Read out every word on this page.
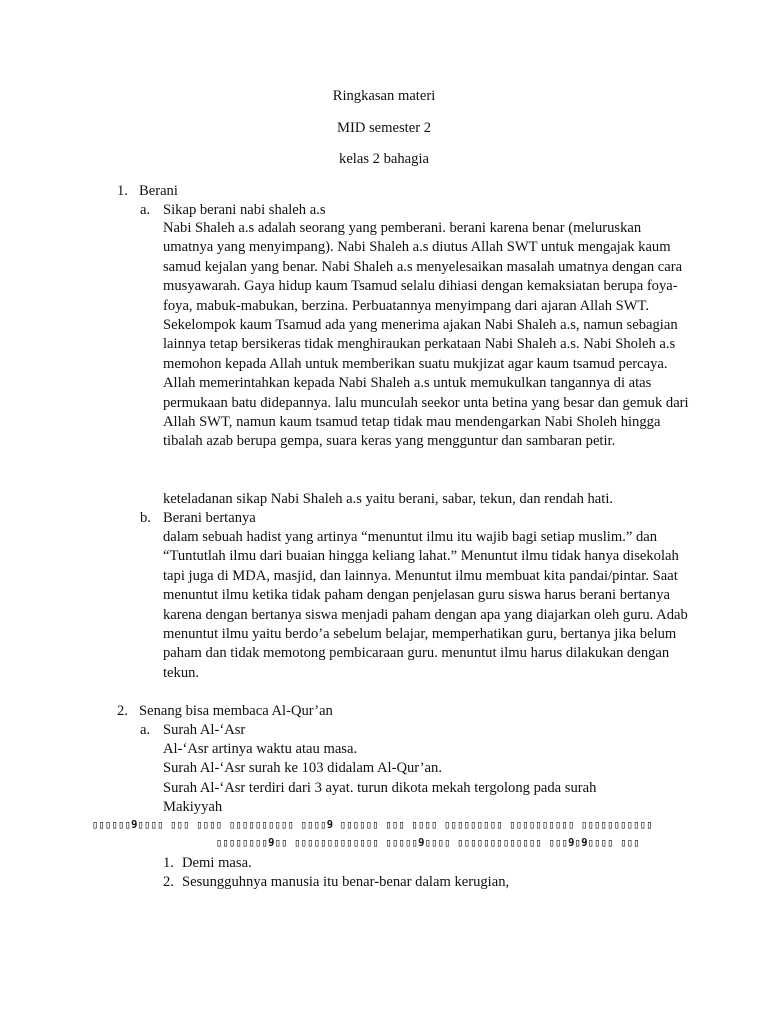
Ringkasan materi
MID semester 2
kelas 2 bahagia
1. Berani
a. Sikap berani nabi shaleh a.s

Nabi Shaleh a.s adalah seorang yang pemberani. berani karena benar (meluruskan umatnya yang menyimpang). Nabi Shaleh a.s diutus Allah SWT untuk mengajak kaum samud kejalan yang benar. Nabi Shaleh a.s menyelesaikan masalah umatnya dengan cara musyawarah. Gaya hidup kaum Tsamud selalu dihiasi dengan kemaksiatan berupa foya-foya, mabuk-mabukan, berzina. Perbuatannya menyimpang dari ajaran Allah SWT. Sekelompok kaum Tsamud ada yang menerima ajakan Nabi Shaleh a.s, namun sebagian lainnya tetap bersikeras tidak menghiraukan perkataan Nabi Shaleh a.s. Nabi Sholeh a.s memohon kepada Allah untuk memberikan suatu mukjizat agar kaum tsamud percaya. Allah memerintahkan kepada Nabi Shaleh a.s untuk memukulkan tangannya di atas permukaan batu didepannya. lalu munculah seekor unta betina yang besar dan gemuk dari Allah SWT, namun kaum tsamud tetap tidak mau mendengarkan Nabi Sholeh hingga tibalah azab berupa gempa, suara keras yang mengguntur dan sambaran petir.

keteladanan sikap Nabi Shaleh a.s yaitu berani, sabar, tekun, dan rendah hati.
b. Berani bertanya

dalam sebuah hadist yang artinya “menuntut ilmu itu wajib bagi setiap muslim.” dan “Tuntutlah ilmu dari buaian hingga keliang lahat.” Menuntut ilmu tidak hanya disekolah tapi juga di MDA, masjid, dan lainnya. Menuntut ilmu membuat kita pandai/pintar. Saat menuntut ilmu ketika tidak paham dengan penjelasan guru siswa harus berani bertanya karena dengan bertanya siswa menjadi paham dengan apa yang diajarkan oleh guru. Adab menuntut ilmu yaitu berdo’a sebelum belajar, memperhatikan guru, bertanya jika belum paham dan tidak memotong pembicaraan guru. menuntut ilmu harus dilakukan dengan tekun.

2. Senang bisa membaca Al-Qur’an
a. Surah Al-‘Asr
Al-‘Asr artinya waktu atau masa.
Surah Al-‘Asr surah ke 103 didalam Al-Qur’an.
Surah Al-‘Asr terdiri dari 3 ayat. turun dikota mekah tergolong pada surah
Makiyyah
▯▯▯▯▯▯9▯▯▯▯ ▯▯▯ ▯▯▯▯ ▯▯▯▯▯▯▯▯▯▯ ▯▯▯▯9 ▯▯▯▯▯▯ ▯▯▯ ▯▯▯▯ ▯▯▯▯▯▯▯▯▯ ▯▯▯▯▯▯▯▯▯▯ ▯▯▯▯▯▯▯▯▯▯▯
▯▯▯▯▯▯▯▯9▯▯ ▯▯▯▯▯▯▯▯▯▯▯▯▯ ▯▯▯▯▯9▯▯▯▯ ▯▯▯▯▯▯▯▯▯▯▯▯▯ ▯▯▯9▯9▯▯▯▯ ▯▯▯
1. Demi masa.
2. Sesungguhnya manusia itu benar-benar dalam kerugian,
